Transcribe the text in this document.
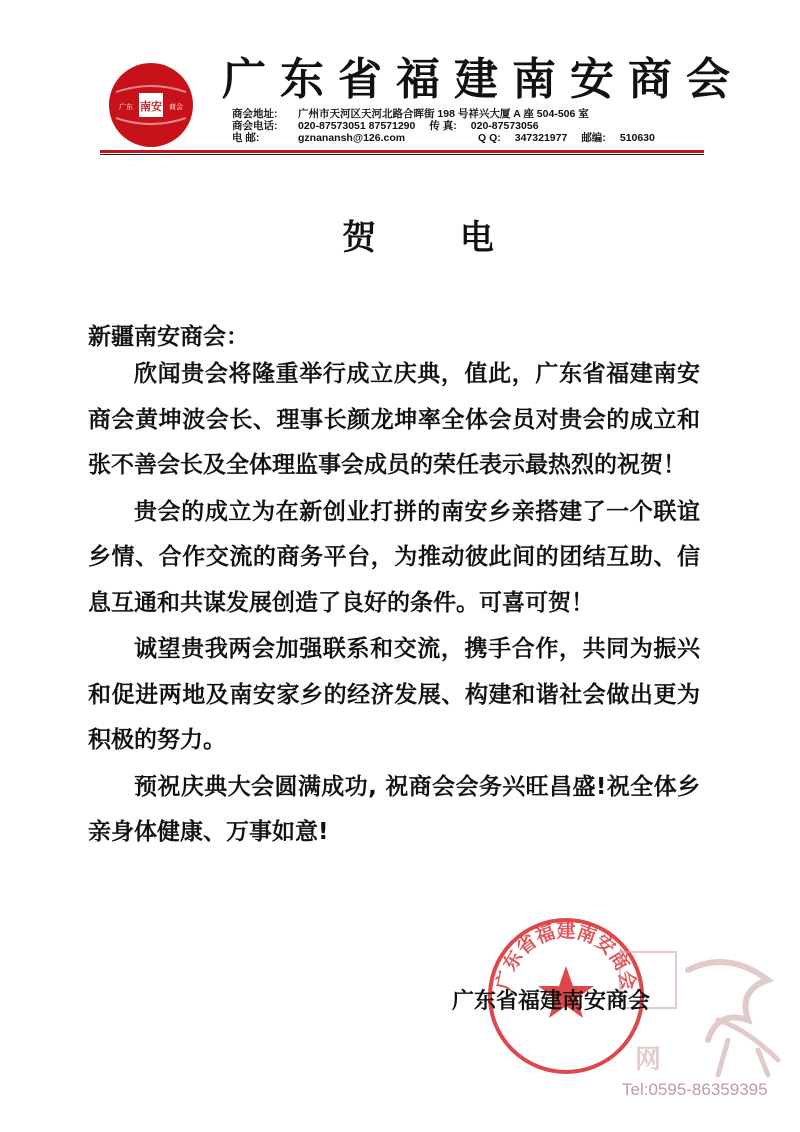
南安
广东	商会
广东省福建南安商会
商会地址:	广州市天河区天河北路合晖街 198 号祥兴大厦 A 座 504-506 室
商会电话:	020-87573051 87571290 传 真: 020-87573056
电 邮:	gznanansh@126.com	Q Q: 347321977 邮编: 510630
贺 电
新疆南安商会：

欣闻贵会将隆重举行成立庆典，值此，广东省福建南安商会黄坤波会长、理事长颜龙坤率全体会员对贵会的成立和张不善会长及全体理监事会成员的荣任表示最热烈的祝贺！

贵会的成立为在新创业打拼的南安乡亲搭建了一个联谊乡情、合作交流的商务平台，为推动彼此间的团结互助、信息互通和共谋发展创造了良好的条件。可喜可贺！

诚望贵我两会加强联系和交流，携手合作，共同为振兴和促进两地及南安家乡的经济发展、构建和谐社会做出更为积极的努力。

预祝庆典大会圆满成功, 祝商会会务兴旺昌盛!祝全体乡亲身体健康、万事如意!

广东省福建南安商会
广东省福建南安商会
网
Tel:0595-86359395
